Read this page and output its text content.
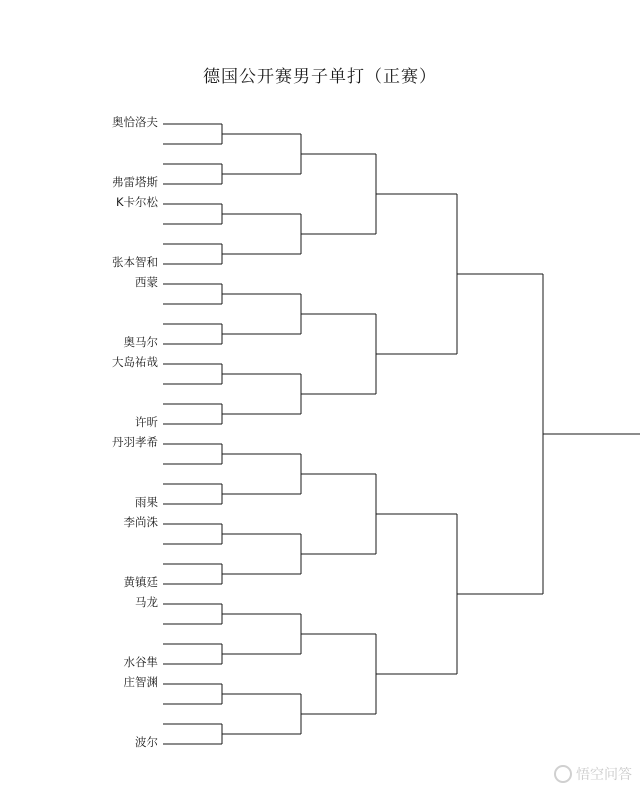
德国公开赛男子单打（正赛）
奥恰洛夫
弗雷塔斯
K卡尔松
张本智和
西蒙
奥马尔
大岛祐哉
许昕
丹羽孝希
雨果
李尚洙
黄镇廷
马龙
水谷隼
庄智渊
波尔
悟空问答
